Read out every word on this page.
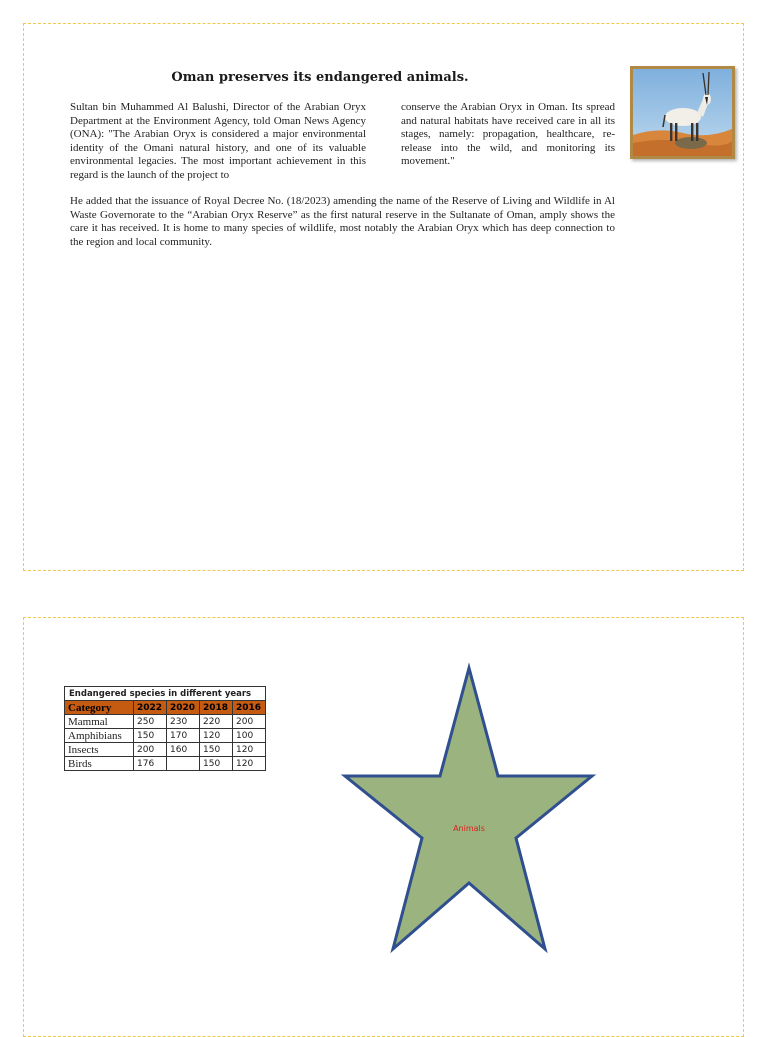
Oman preserves its endangered animals.

Sultan bin Muhammed Al Balushi, Director of the Arabian Oryx Department at the Environment Agency, told Oman News Agency (ONA): "The Arabian Oryx is considered a major environmental identity of the Omani natural history, and one of its valuable environmental legacies. The most important achievement in this regard is the launch of the project to

conserve the Arabian Oryx in Oman. Its spread and natural habitats have received care in all its stages, namely: propagation, healthcare, re-release into the wild, and monitoring its movement."

He added that the issuance of Royal Decree No. (18/2023) amending the name of the Reserve of Living and Wildlife in Al Waste Governorate to the “Arabian Oryx Reserve” as the first natural reserve in the Sultanate of Oman, amply shows the care it has received. It is home to many species of wildlife, most notably the Arabian Oryx which has deep connection to the region and local community.

Endangered species in different years				
Category	2022	2020	2018	2016
Mammal	250	230	220	200
Amphibians	150	170	120	100
Insects	200	160	150	120
Birds	176		150	120
Animals
